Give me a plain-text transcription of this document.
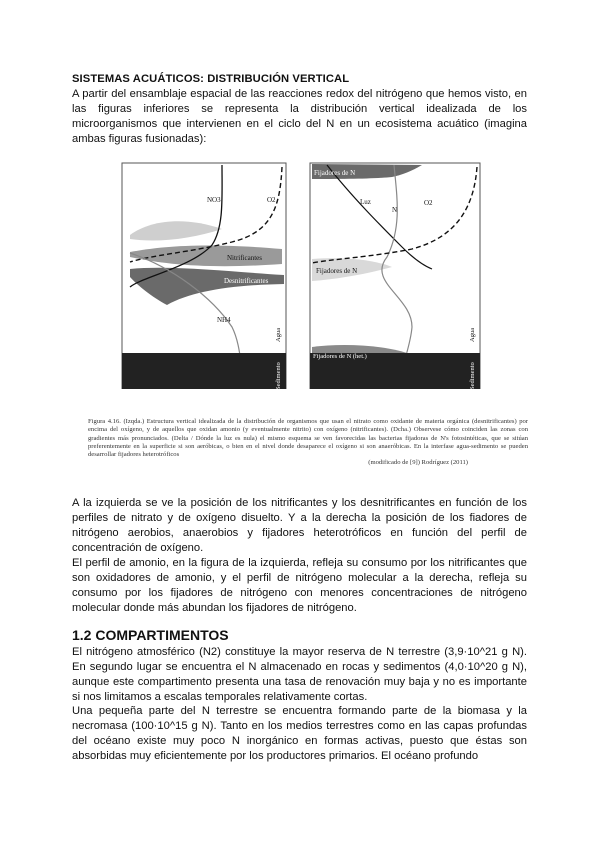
SISTEMAS ACUÁTICOS: DISTRIBUCIÓN VERTICAL
A partir del ensamblaje espacial de las reacciones redox del nitrógeno que hemos visto, en las figuras inferiores se representa la distribución vertical idealizada de los microorganismos que intervienen en el ciclo del N en un ecosistema acuático (imagina ambas figuras fusionadas):
NO3	O2
Nitrificantes
Desnitrificantes
NH4
Agua
Sedimento
Fijadores de N
Luz
N
O2
Fijadores de N
Fijadores de N (het.)
Agua
Sedimento
Figura 4.16. (Izqda.) Estructura vertical idealizada de la distribución de organismos que usan el nitrato como oxidante de materia orgánica (desnitrificantes) por encima del oxígeno, y de aquellos que oxidan amonio (y eventualmente nitrito) con oxígeno (nitrificantes). (Dcha.) Observese cómo coinciden las zonas con gradientes más pronunciados. (Delta / Dónde la luz es nula) el mismo esquema se ven favorecidas las bacterias fijadoras de N's fotosintéticas, que se sitúan preferentemente en la superficie si son aeróbicas, o bien en el nivel donde desaparece el oxígeno si son anaeróbicas. En la interfase agua-sedimento se pueden desarrollar fijadores heterotróficos
(modificado de [9]) Rodríguez (2011)
A la izquierda se ve la posición de los nitrificantes y los desnitrificantes en función de los perfiles de nitrato y de oxígeno disuelto. Y a la derecha la posición de los fiadores de nitrógeno aerobios, anaerobios y fijadores heterotróficos en función del perfil de concentración de oxígeno.
El perfil de amonio, en la figura de la izquierda, refleja su consumo por los nitrificantes que son oxidadores de amonio, y el perfil de nitrógeno molecular a la derecha, refleja su consumo por los fijadores de nitrógeno con menores concentraciones de nitrógeno molecular donde más abundan los fijadores de nitrógeno.
1.2 COMPARTIMENTOS
El nitrógeno atmosférico (N2) constituye la mayor reserva de N terrestre (3,9·10^21 g N). En segundo lugar se encuentra el N almacenado en rocas y sedimentos (4,0·10^20 g N), aunque este compartimento presenta una tasa de renovación muy baja y no es importante si nos limitamos a escalas temporales relativamente cortas.
Una pequeña parte del N terrestre se encuentra formando parte de la biomasa y la necromasa (100·10^15 g N). Tanto en los medios terrestres como en las capas profundas del océano existe muy poco N inorgánico en formas activas, puesto que éstas son absorbidas muy eficientemente por los productores primarios. El océano profundo
